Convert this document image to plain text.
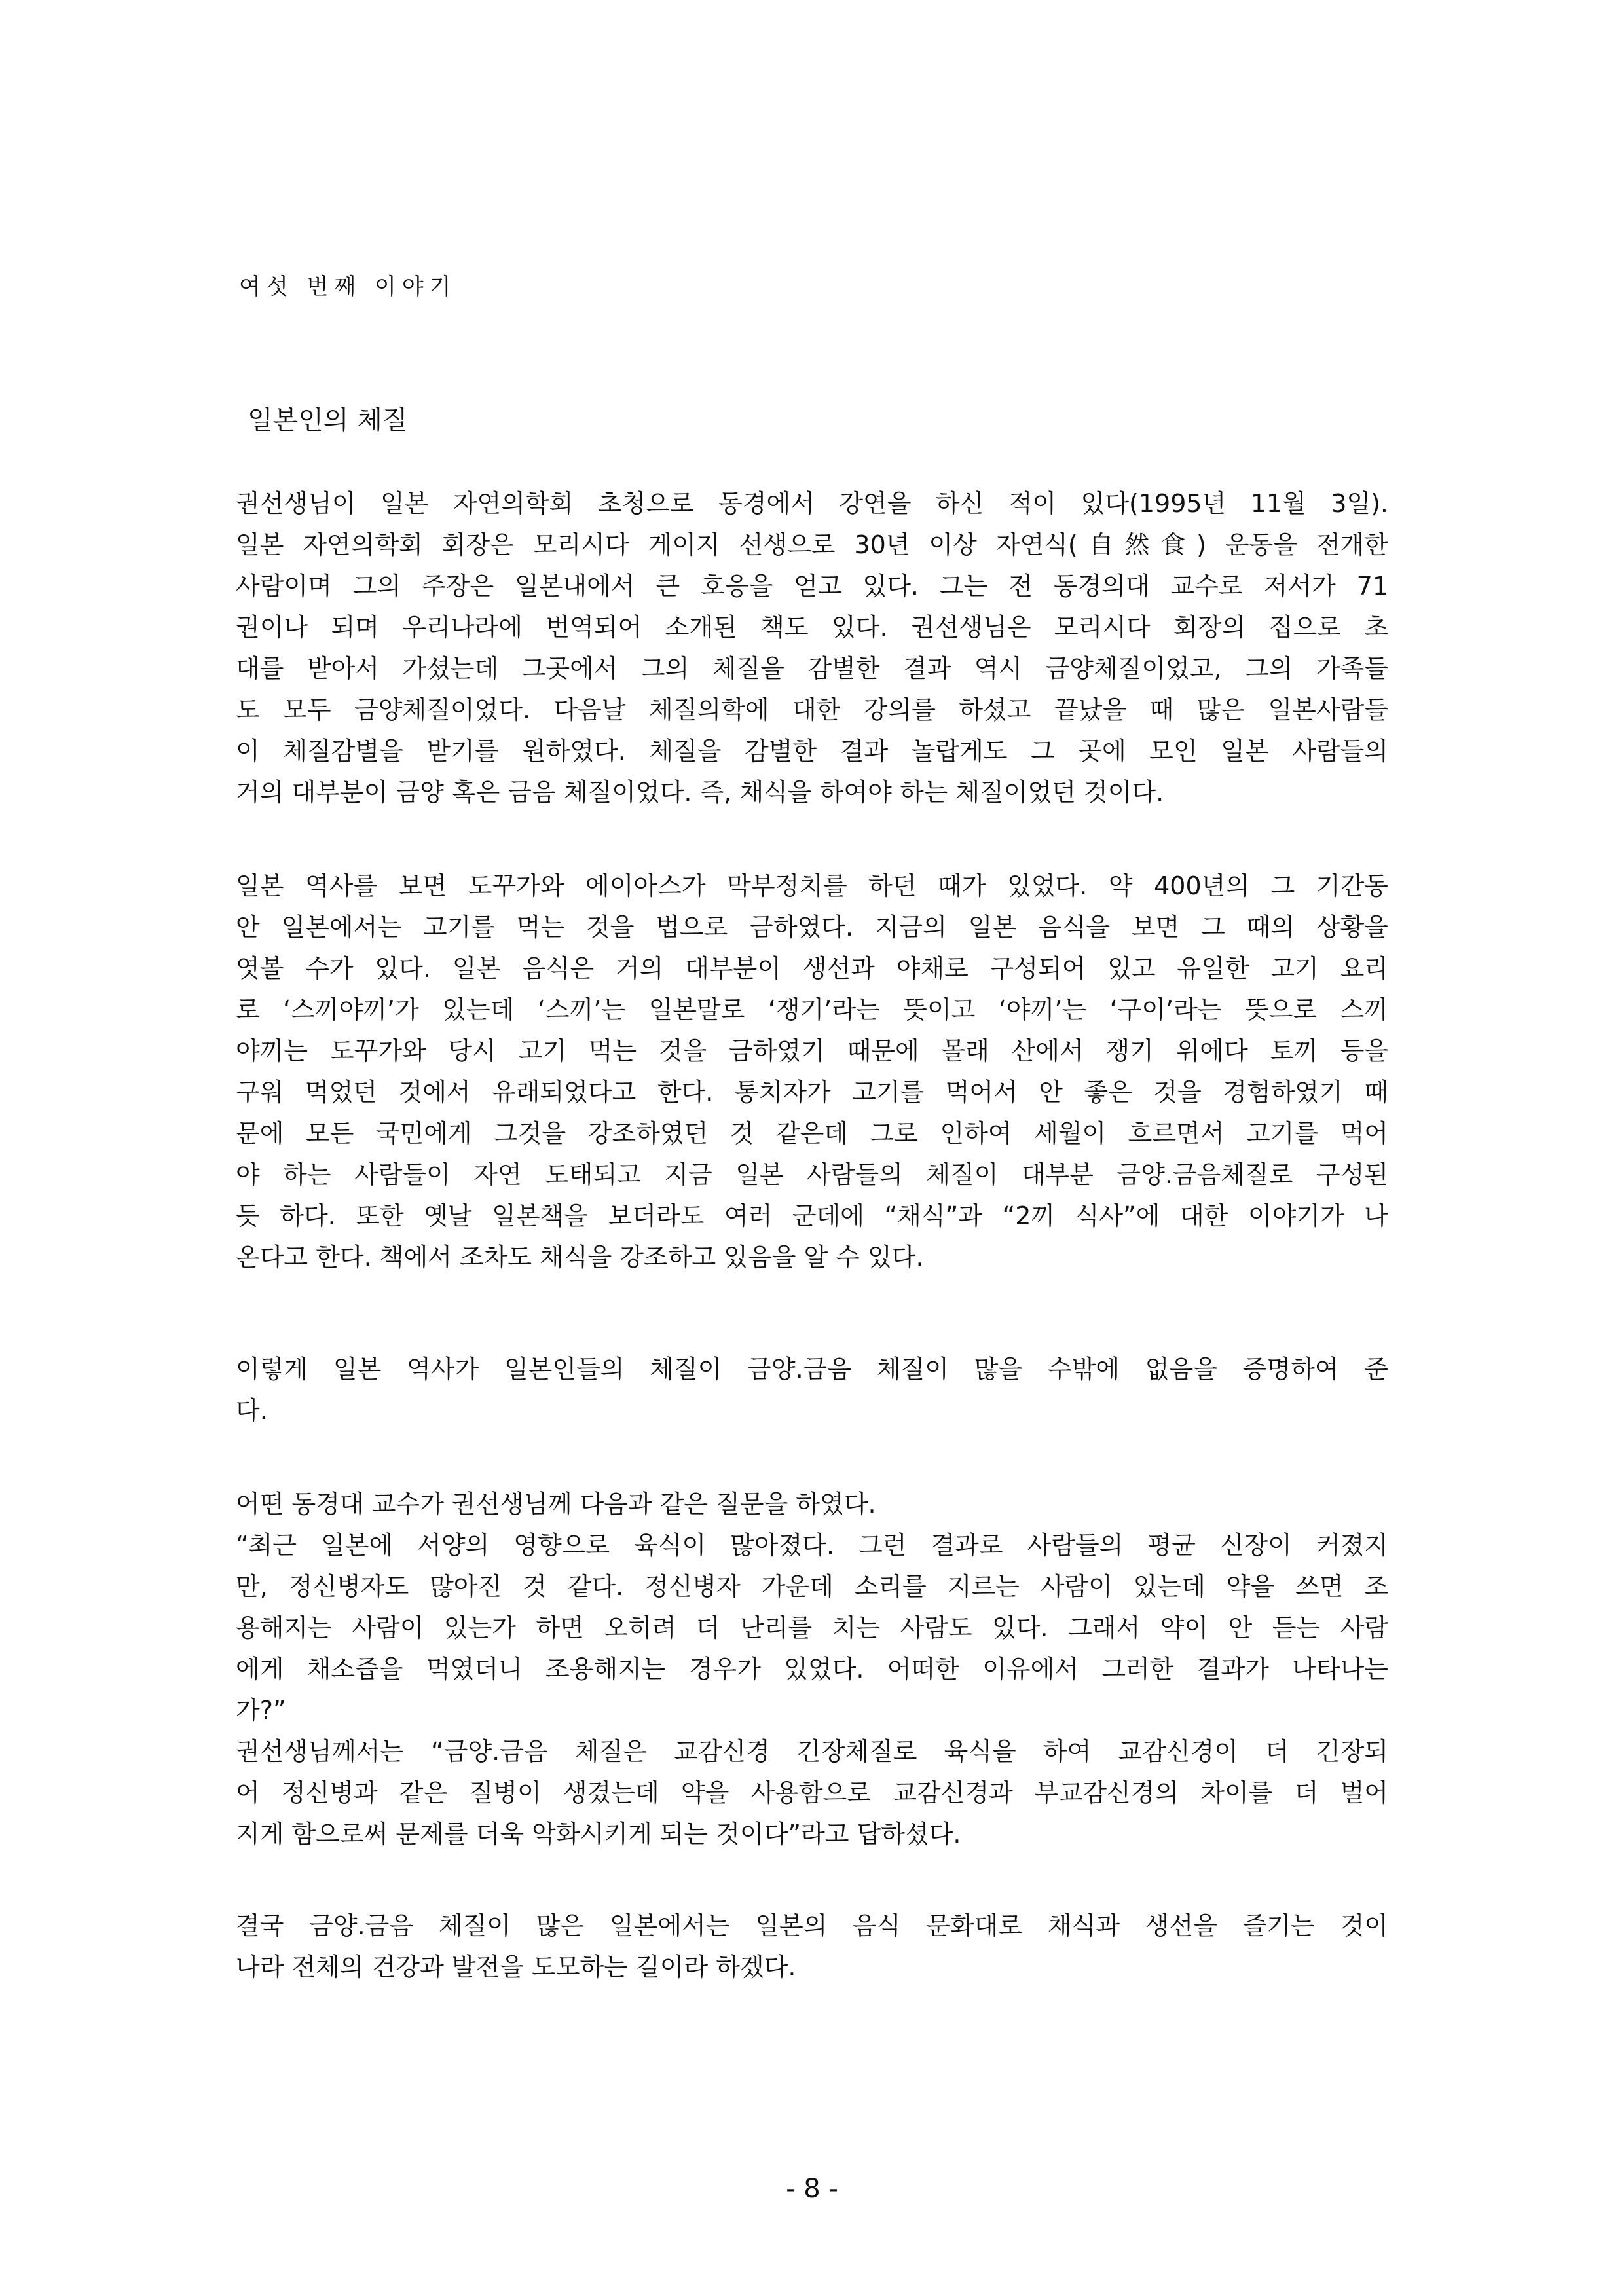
여섯 번째 이야기
일본인의 체질
권선생님이 일본 자연의학회 초청으로 동경에서 강연을 하신 적이 있다(1995년 11월 3일).
일본 자연의학회 회장은 모리시다 게이지 선생으로 30년 이상 자연식(自然食) 운동을 전개한
사람이며 그의 주장은 일본내에서 큰 호응을 얻고 있다. 그는 전 동경의대 교수로 저서가 71
권이나 되며 우리나라에 번역되어 소개된 책도 있다. 권선생님은 모리시다 회장의 집으로 초
대를 받아서 가셨는데 그곳에서 그의 체질을 감별한 결과 역시 금양체질이었고, 그의 가족들
도 모두 금양체질이었다. 다음날 체질의학에 대한 강의를 하셨고 끝났을 때 많은 일본사람들
이 체질감별을 받기를 원하였다. 체질을 감별한 결과 놀랍게도 그 곳에 모인 일본 사람들의
거의 대부분이 금양 혹은 금음 체질이었다. 즉, 채식을 하여야 하는 체질이었던 것이다.
일본 역사를 보면 도꾸가와 에이아스가 막부정치를 하던 때가 있었다. 약 400년의 그 기간동
안 일본에서는 고기를 먹는 것을 법으로 금하였다. 지금의 일본 음식을 보면 그 때의 상황을
엿볼 수가 있다. 일본 음식은 거의 대부분이 생선과 야채로 구성되어 있고 유일한 고기 요리
로 ‘스끼야끼’가 있는데 ‘스끼’는 일본말로 ‘쟁기’라는 뜻이고 ‘야끼’는 ‘구이’라는 뜻으로 스끼
야끼는 도꾸가와 당시 고기 먹는 것을 금하였기 때문에 몰래 산에서 쟁기 위에다 토끼 등을
구워 먹었던 것에서 유래되었다고 한다. 통치자가 고기를 먹어서 안 좋은 것을 경험하였기 때
문에 모든 국민에게 그것을 강조하였던 것 같은데 그로 인하여 세월이 흐르면서 고기를 먹어
야 하는 사람들이 자연 도태되고 지금 일본 사람들의 체질이 대부분 금양.금음체질로 구성된
듯 하다. 또한 옛날 일본책을 보더라도 여러 군데에 “채식”과 “2끼 식사”에 대한 이야기가 나
온다고 한다. 책에서 조차도 채식을 강조하고 있음을 알 수 있다.
이렇게 일본 역사가 일본인들의 체질이 금양.금음 체질이 많을 수밖에 없음을 증명하여 준
다.
어떤 동경대 교수가 권선생님께 다음과 같은 질문을 하였다.
“최근 일본에 서양의 영향으로 육식이 많아졌다. 그런 결과로 사람들의 평균 신장이 커졌지
만, 정신병자도 많아진 것 같다. 정신병자 가운데 소리를 지르는 사람이 있는데 약을 쓰면 조
용해지는 사람이 있는가 하면 오히려 더 난리를 치는 사람도 있다. 그래서 약이 안 듣는 사람
에게 채소즙을 먹였더니 조용해지는 경우가 있었다. 어떠한 이유에서 그러한 결과가 나타나는
가?”
권선생님께서는 “금양.금음 체질은 교감신경 긴장체질로 육식을 하여 교감신경이 더 긴장되
어 정신병과 같은 질병이 생겼는데 약을 사용함으로 교감신경과 부교감신경의 차이를 더 벌어
지게 함으로써 문제를 더욱 악화시키게 되는 것이다”라고 답하셨다.
결국 금양.금음 체질이 많은 일본에서는 일본의 음식 문화대로 채식과 생선을 즐기는 것이
나라 전체의 건강과 발전을 도모하는 길이라 하겠다.
- 8 -
